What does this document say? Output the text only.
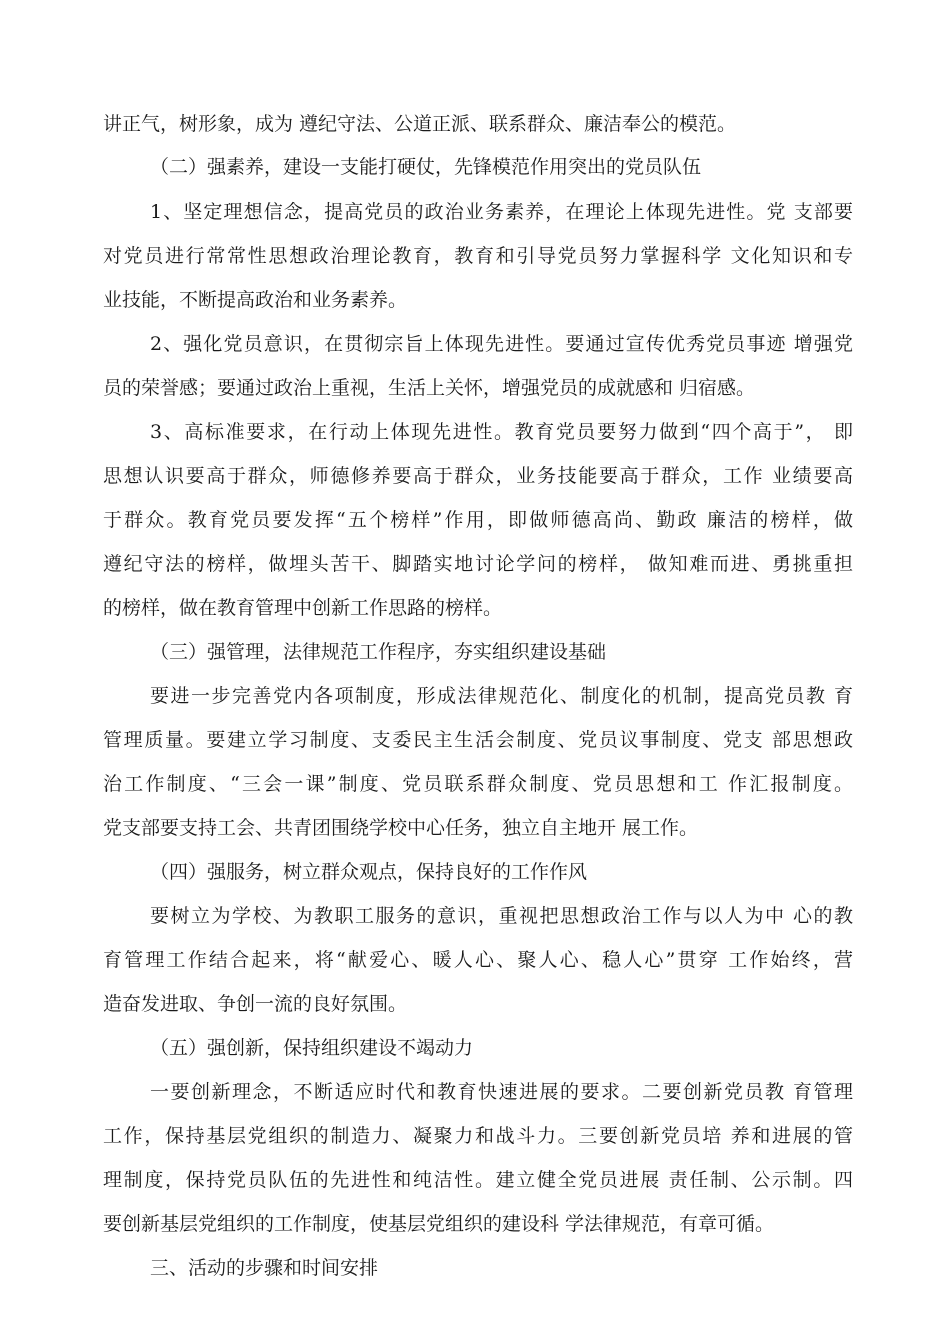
讲正气，树形象，成为 遵纪守法、公道正派、联系群众、廉洁奉公的模范。

（二）强素养，建设一支能打硬仗，先锋模范作用突出的党员队伍

1、坚定理想信念，提高党员的政治业务素养，在理论上体现先进性。党 支部要

对党员进行常常性思想政治理论教育，教育和引导党员努力掌握科学 文化知识和专

业技能，不断提高政治和业务素养。

2、强化党员意识，在贯彻宗旨上体现先进性。要通过宣传优秀党员事迹 增强党

员的荣誉感；要通过政治上重视，生活上关怀，增强党员的成就感和 归宿感。

3、高标准要求，在行动上体现先进性。教育党员要努力做到“四个高于”， 即

思想认识要高于群众，师德修养要高于群众，业务技能要高于群众，工作 业绩要高

于群众。教育党员要发挥“五个榜样”作用，即做师德高尚、勤政 廉洁的榜样，做

遵纪守法的榜样，做埋头苦干、脚踏实地讨论学问的榜样， 做知难而进、勇挑重担

的榜样，做在教育管理中创新工作思路的榜样。

（三）强管理，法律规范工作程序，夯实组织建设基础

要进一步完善党内各项制度，形成法律规范化、制度化的机制，提高党员教 育

管理质量。要建立学习制度、支委民主生活会制度、党员议事制度、党支 部思想政

治工作制度、“三会一课”制度、党员联系群众制度、党员思想和工 作汇报制度。

党支部要支持工会、共青团围绕学校中心任务，独立自主地开 展工作。

（四）强服务，树立群众观点，保持良好的工作作风

要树立为学校、为教职工服务的意识，重视把思想政治工作与以人为中 心的教

育管理工作结合起来，将“献爱心、暖人心、聚人心、稳人心”贯穿 工作始终，营

造奋发进取、争创一流的良好氛围。

（五）强创新，保持组织建设不竭动力

一要创新理念，不断适应时代和教育快速进展的要求。二要创新党员教 育管理

工作，保持基层党组织的制造力、凝聚力和战斗力。三要创新党员培 养和进展的管

理制度，保持党员队伍的先进性和纯洁性。建立健全党员进展 责任制、公示制。四

要创新基层党组织的工作制度，使基层党组织的建设科 学法律规范，有章可循。

三、活动的步骤和时间安排
